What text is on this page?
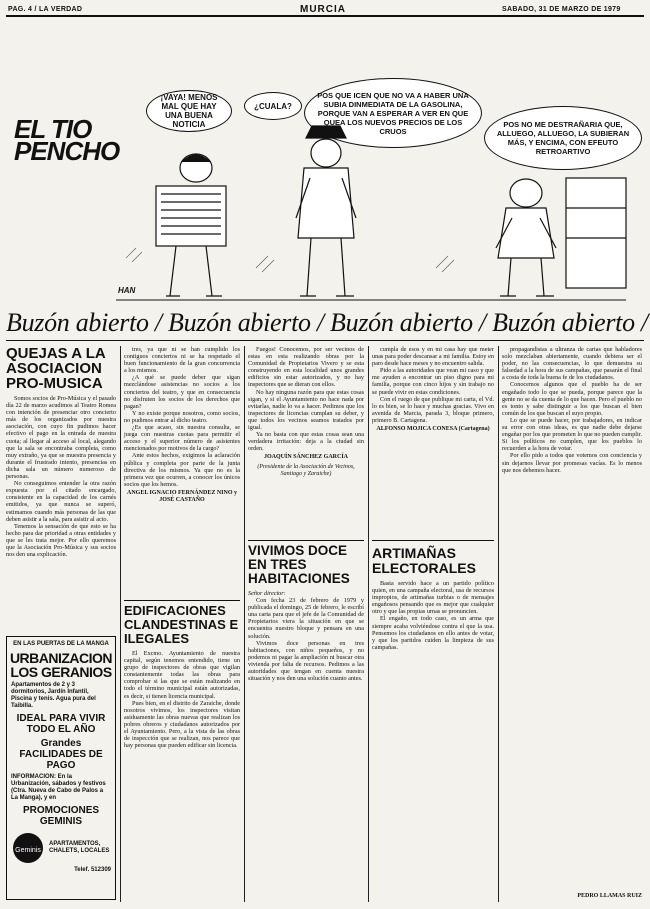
PAG. 4 / LA VERDAD	MURCIA	SABADO, 31 DE MARZO DE 1979
EL TIO
PENCHO
¡VAYA! MENOS MAL QUE HAY UNA BUENA NOTICIA
¿CUALA?
POS QUE ICEN QUE NO VA A HABER UNA SUBIA DINMEDIATA DE LA GASOLINA, PORQUE VAN A ESPERAR A VER EN QUE QUEA LOS NUEVOS PRECIOS DE LOS CRUOS
POS NO ME DESTRAÑARIA QUE, ALLUEGO, ALLUEGO, LA SUBIERAN MÁS, Y ENCIMA, CON EFEUTO RETROARTIVO
HAN
Buzón abierto / Buzón abierto / Buzón abierto / Buzón abierto /
QUEJAS A LA ASOCIACION PRO-MUSICA

Somos socios de Pro-Música y el pasado día 22 de marzo acudimos al Teatro Romea con intención de presenciar otro concierto más de los organizados por nuestra asociación, con cuyo fin pudimos hacer efectivo el pago en la entrada de nuestra cuota; al llegar al acceso al local, alegando que la sala se encontraba completa, como muy extraño, ya que se muestra presencia y durante el frustrado intento, presencias en dicha sala un número numeroso de personas.

No conseguimos entender la otra razón expuesta por el citado encargado, consistente en la capacidad de los carnés emitidos, ya que nunca se superó, estimamos cuando más personas de las que deben asistir a la sala, para asistir al acto.

Tenemos la sensación de que esto se ha hecho para dar prioridad a otras entidades y que se les trata mejor. Por ello queremos que la Asociación Pro-Música y sus socios nos den una explicación.

EN LAS PUERTAS DE LA MANGA
URBANIZACION LOS GERANIOS
Apartamentos de 2 y 3 dormitorios, Jardín Infantil, Piscina y tenis. Agua pura del Taibilla.
IDEAL PARA VIVIR TODO EL AÑO
Grandes FACILIDADES DE PAGO
INFORMACION: En la Urbanización, sábados y festivos (Ctra. Nueva de Cabo de Palos a La Manga), y en
PROMOCIONES GEMINIS
Geminis
APARTAMENTOS, CHALETS, LOCALES
Telef. 512309

tres, ya que ni se han cumplido los contiguos conciertos ni se ha respetado el buen funcionamiento de la gran concurrencia a los mismos.

¿A qué se puede deber que sigan mezclándose asistencias no socios a los conciertos del teatro, y que en consecuencia no disfruten los socios de los derechos que pagan?

Y no existe porque nosotros, como socios, no pudimos entrar al dicho teatro.

¿Es que acaso, sin nuestra consulta, se juega con nuestras cuotas para permitir el acceso y el superior número de asistentes mencionados por motivos de la cargo?

Ante estos hechos, exigimos la aclaración pública y completa por parte de la junta directiva de los mismos. Ya que no es la primera vez que ocurren, a conocer los únicos socios que los hemos.

ANGEL IGNACIO FERNÁNDEZ NINO y JOSÉ CASTAÑO
EDIFICACIONES CLANDESTINAS E ILEGALES

El Excmo. Ayuntamiento de nuestra capital, según tenemos entendido, tiene un grupo de inspectores de obras que vigilan constantemente todas las obras para comprobar si las que se están realizando en todo el término municipal están autorizadas, es decir, si tienen licencia municipal.

Pues bien, en el distrito de Zaraiche, donde nosotros vivimos, los inspectores visitan asiduamente las obras nuevas que realizan los pobres obreros y ciudadanos autorizados por el Ayuntamiento. Pero, a la vista de las obras de inspección que se realizan, nos parece que hay personas que pueden edificar sin licencia.

Fuegos! Conocemos, por ser vecinos de estas en esta realizando obras por la Comunidad de Propietarios Vivero y se esta construyendo en esta localidad unos grandes edificios sin estar autorizados, y no hay inspectores que se dieran con ellos.

No hay ninguna razón para que estas cosas sigan, y si el Ayuntamiento no hace nada por evitarlas, nadie lo va a hacer. Pedimos que los inspectores de licencias cumplan su deber, y que todos los vecinos seamos tratados por igual.

Ya no basta con que estas cosas sean una verdadera irritación: deja a la ciudad sin orden.

JOAQUÍN SÁNCHEZ GARCÍA
(Presidente de la Asociación de Vecinos, Santiago y Zaraiche)
VIVIMOS DOCE EN TRES HABITACIONES
Señor director:

Con fecha 23 de febrero de 1979 y publicada el domingo, 25 de febrero, le escribí una carta para que el jefe de la Comunidad de Propietarios viera la situación en que se encuentra nuestro bloque y pensara en una solución.

Vivimos doce personas en tres habitaciones, con niños pequeños, y no podemos ni pagar la ampliación ni buscar otra vivienda por falta de recursos. Pedimos a las autoridades que tengan en cuenta nuestra situación y nos den una solución cuanto antes.

cumpla de esos y en mi casa hay que meter unas para poder descansar a mi familia. Estoy en paro desde hace meses y no encuentro salida.

Pido a las autoridades que vean mi caso y que me ayuden a encontrar un piso digno para mi familia, porque con cinco hijos y sin trabajo no se puede vivir en estas condiciones.

Con el ruego de que publique mi carta, el Vd. lo es bien, se lo hace y muchas gracias. Vivo en avenida de Marcia, parada 3, bloque primero, primero B. Cartagena.

ALFONSO MOJICA CONESA (Cartagena)
ARTIMAÑAS ELECTORALES

Basta servido hace a un partido político quien, en una campaña electoral, usa de recursos impropios, de artimañas turbias o de mensajes engañosos pensando que es mejor que cualquier otro y que las propias urnas se pronuncien.

El engaño, en todo caso, es un arma que siempre acaba volviéndose contra el que la usa. Pensemos los ciudadanos en ello antes de votar, y que los partidos cuiden la limpieza de sus campañas.

propagandistas a ultranza de cartas que habladores solo mezclaban abiertamente, cuando debiera ser el poder, no las consecuencias, lo que demuestra su falsedad a la hora de sus campañas, que pasarán el final a costa de toda la buena fe de los ciudadanos.

Conocemos algunos que el pueblo ha de ser engañado todo lo que se pueda, porque parece que la gente no se da cuenta de lo que hacen. Pero el pueblo no es tonto y sabe distinguir a los que buscan el bien común de los que buscan el suyo propio.

Lo que se puede hacer, por trabajadores, en indicar su error con otras ideas, es que nadie debe dejarse engañar por los que prometen lo que no pueden cumplir. Si los políticos no cumplen, que los pueblos lo recuerden a la hora de votar.

Por ello pido a todos que votemos con conciencia y sin dejarnos llevar por promesas vacías. Es lo menos que nos debemos hacer.

PEDRO LLAMAS RUIZ
